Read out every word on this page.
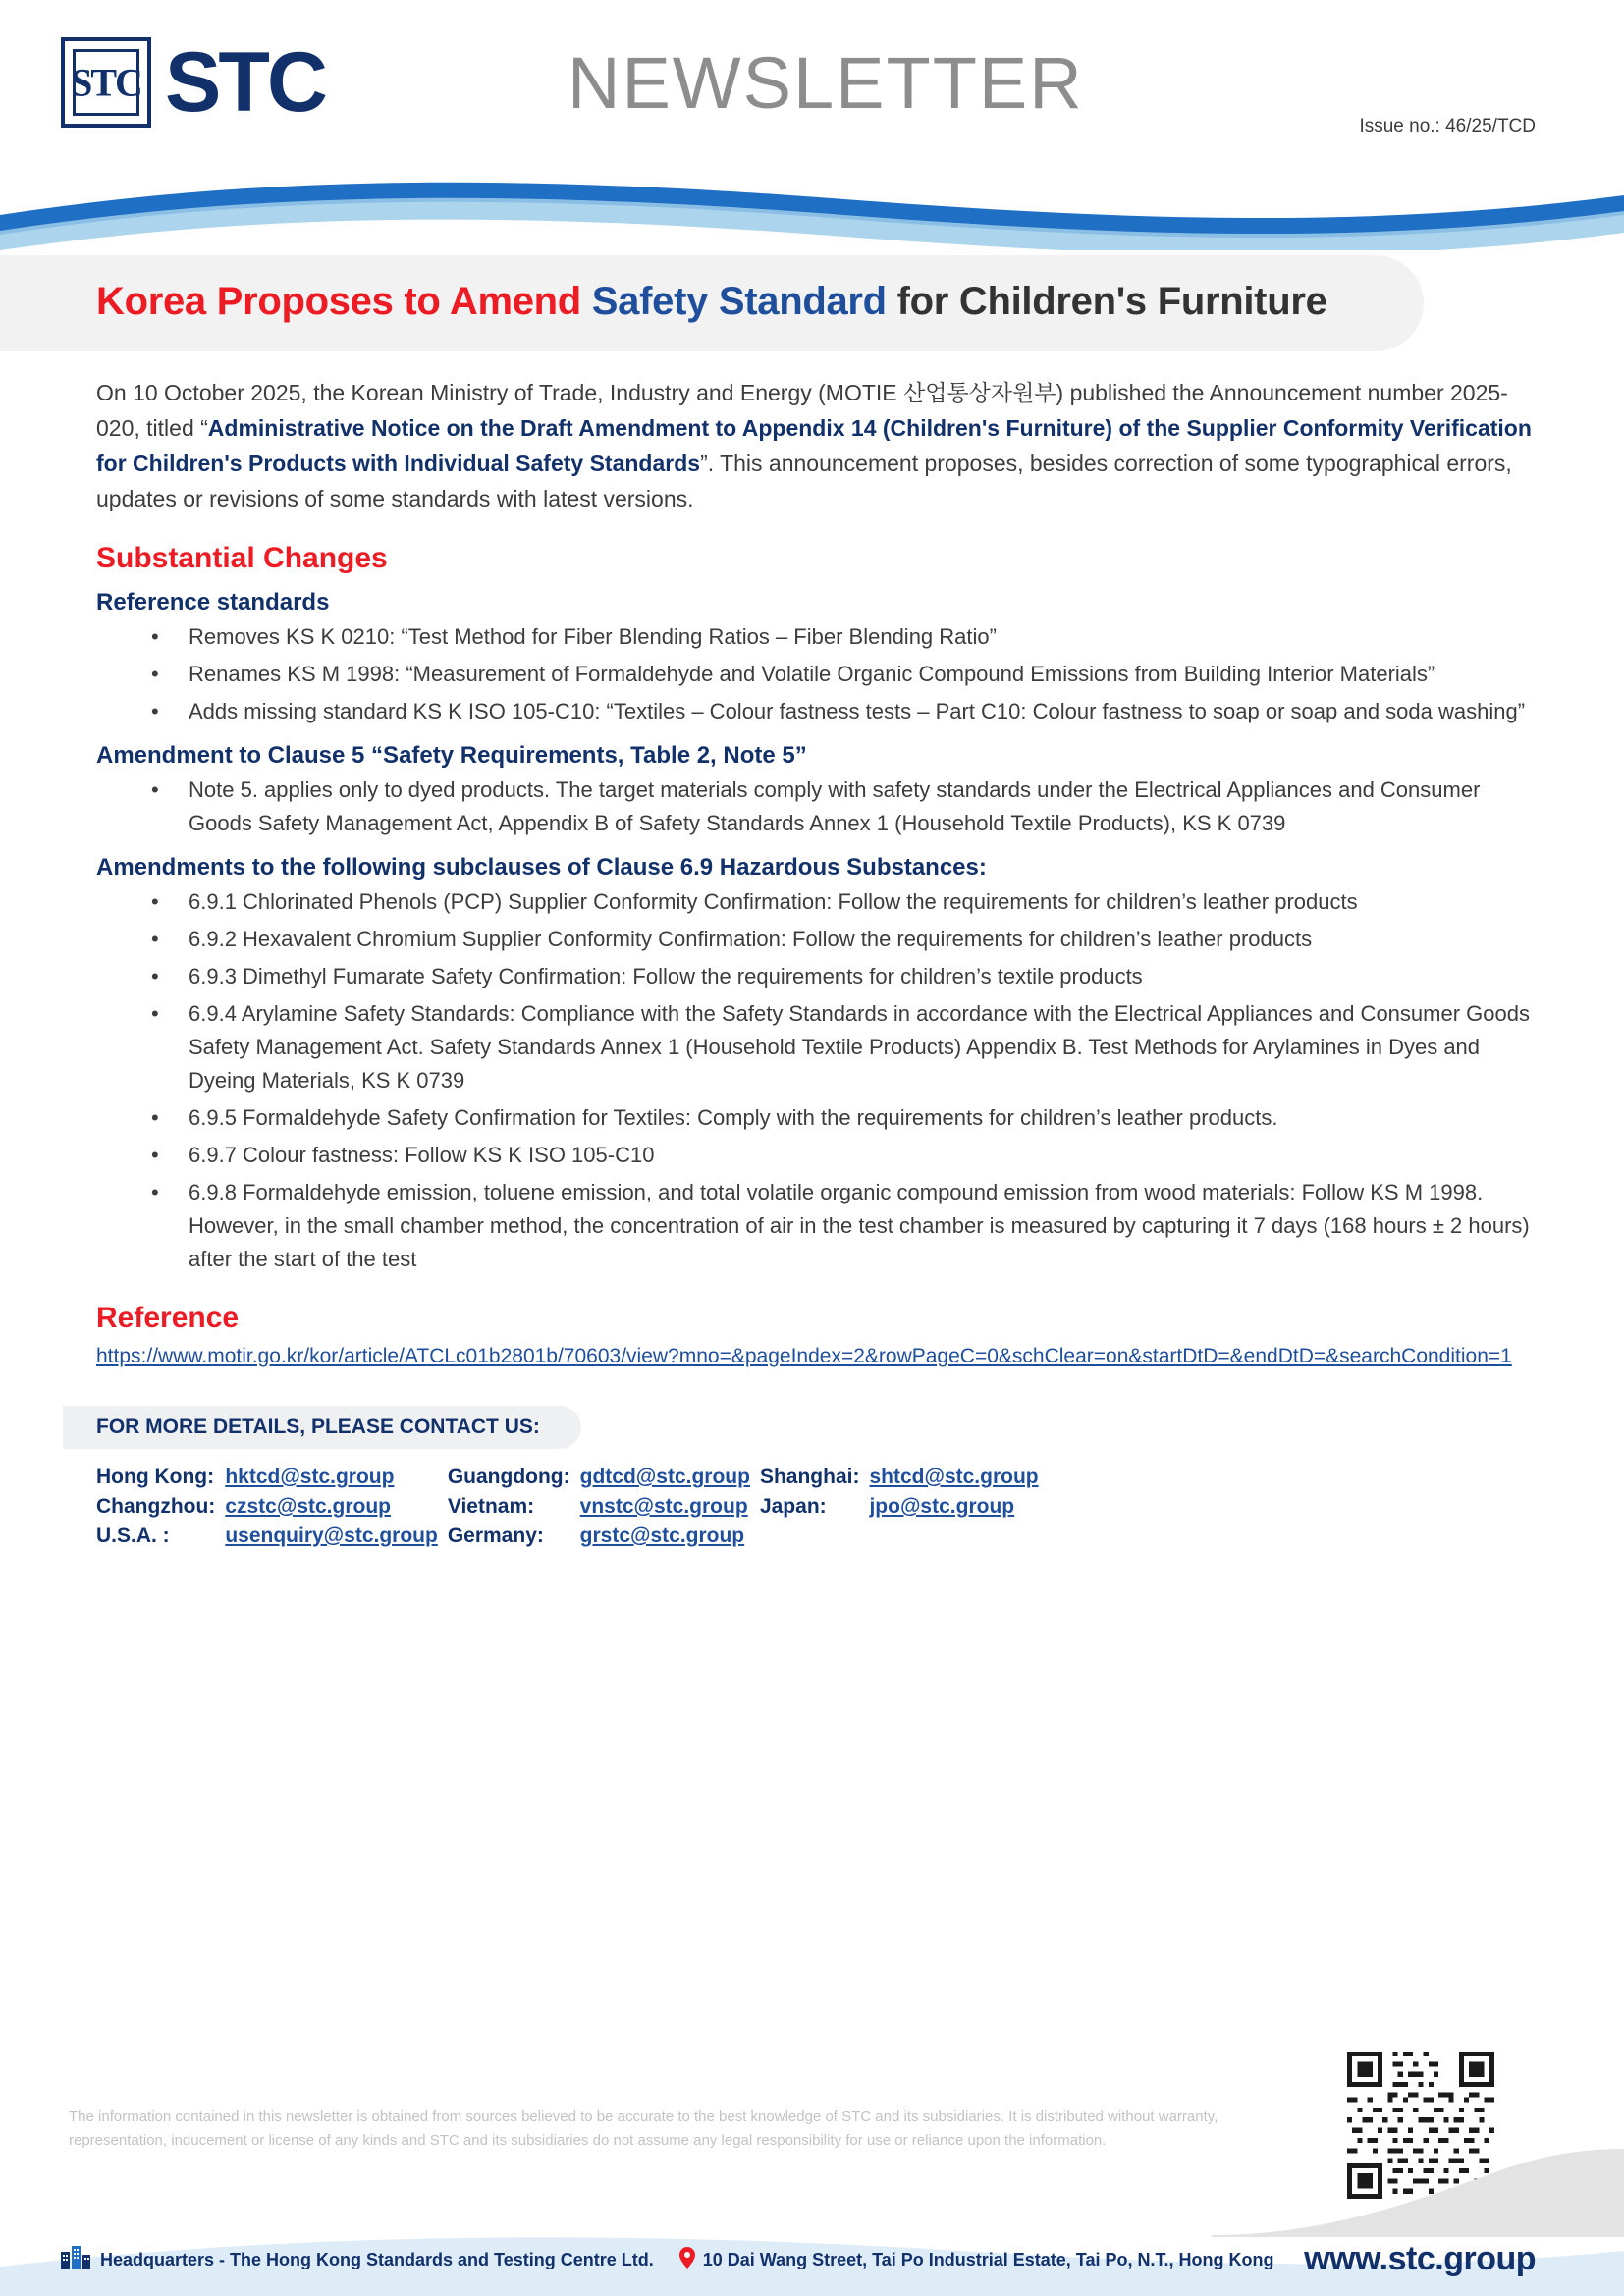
STC STC	NEWSLETTER
Issue no.: 46/25/TCD
Korea Proposes to Amend Safety Standard for Children's Furniture

On 10 October 2025, the Korean Ministry of Trade, Industry and Energy (MOTIE 산업통상자원부) published the Announcement number 2025-020, titled “Administrative Notice on the Draft Amendment to Appendix 14 (Children's Furniture) of the Supplier Conformity Verification for Children's Products with Individual Safety Standards”. This announcement proposes, besides correction of some typographical errors, updates or revisions of some standards with latest versions.

Substantial Changes
Reference standards
• Removes KS K 0210: “Test Method for Fiber Blending Ratios – Fiber Blending Ratio”
• Renames KS M 1998: “Measurement of Formaldehyde and Volatile Organic Compound Emissions from Building Interior Materials”
• Adds missing standard KS K ISO 105-C10: “Textiles – Colour fastness tests – Part C10: Colour fastness to soap or soap and soda washing”
Amendment to Clause 5 “Safety Requirements, Table 2, Note 5”
• Note 5. applies only to dyed products. The target materials comply with safety standards under the Electrical Appliances and Consumer Goods Safety Management Act, Appendix B of Safety Standards Annex 1 (Household Textile Products), KS K 0739
Amendments to the following subclauses of Clause 6.9 Hazardous Substances:
• 6.9.1 Chlorinated Phenols (PCP) Supplier Conformity Confirmation: Follow the requirements for children’s leather products
• 6.9.2 Hexavalent Chromium Supplier Conformity Confirmation: Follow the requirements for children’s leather products
• 6.9.3 Dimethyl Fumarate Safety Confirmation: Follow the requirements for children’s textile products
• 6.9.4 Arylamine Safety Standards: Compliance with the Safety Standards in accordance with the Electrical Appliances and Consumer Goods Safety Management Act. Safety Standards Annex 1 (Household Textile Products) Appendix B. Test Methods for Arylamines in Dyes and Dyeing Materials, KS K 0739
• 6.9.5 Formaldehyde Safety Confirmation for Textiles: Comply with the requirements for children’s leather products.
• 6.9.7 Colour fastness: Follow KS K ISO 105-C10
• 6.9.8 Formaldehyde emission, toluene emission, and total volatile organic compound emission from wood materials: Follow KS M 1998. However, in the small chamber method, the concentration of air in the test chamber is measured by capturing it 7 days (168 hours ± 2 hours) after the start of the test
Reference
https://www.motir.go.kr/kor/article/ATCLc01b2801b/70603/view?mno=&pageIndex=2&rowPageC=0&schClear=on&startDtD=&endDtD=&searchCondition=1
FOR MORE DETAILS, PLEASE CONTACT US:
Hong Kong:	hktcd@stc.group	Guangdong:	gdtcd@stc.group	Shanghai:	shtcd@stc.group
Changzhou:	czstc@stc.group	Vietnam:	vnstc@stc.group	Japan:	jpo@stc.group
U.S.A. :	usenquiry@stc.group	Germany:	grstc@stc.group		
The information contained in this newsletter is obtained from sources believed to be accurate to the best knowledge of STC and its subsidiaries. It is distributed without warranty, representation, inducement or license of any kinds and STC and its subsidiaries do not assume any legal responsibility for use or reliance upon the information.
Headquarters - The Hong Kong Standards and Testing Centre Ltd.	10 Dai Wang Street, Tai Po Industrial Estate, Tai Po, N.T., Hong Kong www.stc.group
